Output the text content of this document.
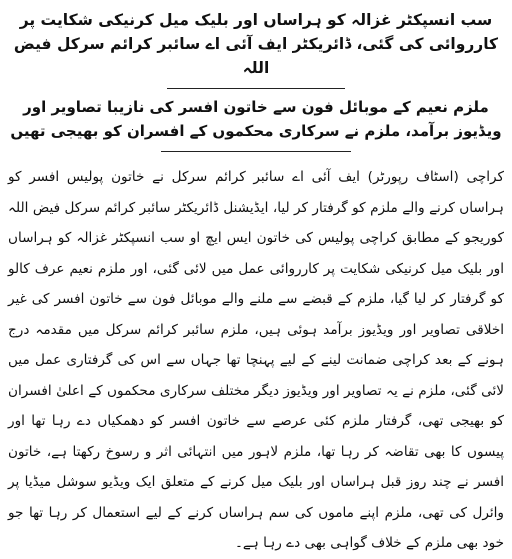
سب انسپکٹر غزالہ کو ہراساں اور بلیک میل کرنیکی شکایت پر کارروائی کی گئی، ڈائریکٹر ایف آئی اے سائبر کرائم سرکل فیض اللہ
ملزم نعیم کے موبائل فون سے خاتون افسر کی نازیبا تصاویر اور ویڈیوز برآمد، ملزم نے سرکاری محکموں کے افسران کو بھیجی تھیں

کراچی (اسٹاف رپورٹر) ایف آئی اے سائبر کرائم سرکل نے خاتون پولیس افسر کو ہراساں کرنے والے ملزم کو گرفتار کر لیا، ایڈیشنل ڈائریکٹر سائبر کرائم سرکل فیض اللہ کوریجو کے مطابق کراچی پولیس کی خاتون ایس ایچ او سب انسپکٹر غزالہ کو ہراساں اور بلیک میل کرنیکی شکایت پر کارروائی عمل میں لائی گئی، اور ملزم نعیم عرف کالو کو گرفتار کر لیا گیا، ملزم کے قبضے سے ملنے والے موبائل فون سے خاتون افسر کی غیر اخلاقی تصاویر اور ویڈیوز برآمد ہوئی ہیں، ملزم سائبر کرائم سرکل میں مقدمہ درج ہونے کے بعد کراچی ضمانت لینے کے لیے پہنچا تھا جہاں سے اس کی گرفتاری عمل میں لائی گئی، ملزم نے یہ تصاویر اور ویڈیوز دیگر مختلف سرکاری محکموں کے اعلیٰ افسران کو بھیجی تھی، گرفتار ملزم کئی عرصے سے خاتون افسر کو دھمکیاں دے رہا تھا اور پیسوں کا بھی تقاضہ کر رہا تھا، ملزم لاہور میں انتہائی اثر و رسوخ رکھتا ہے، خاتون افسر نے چند روز قبل ہراساں اور بلیک میل کرنے کے متعلق ایک ویڈیو سوشل میڈیا پر وائرل کی تھی، ملزم اپنے ماموں کی سم ہراساں کرنے کے لیے استعمال کر رہا تھا جو خود بھی ملزم کے خلاف گواہی بھی دے رہا ہے۔
